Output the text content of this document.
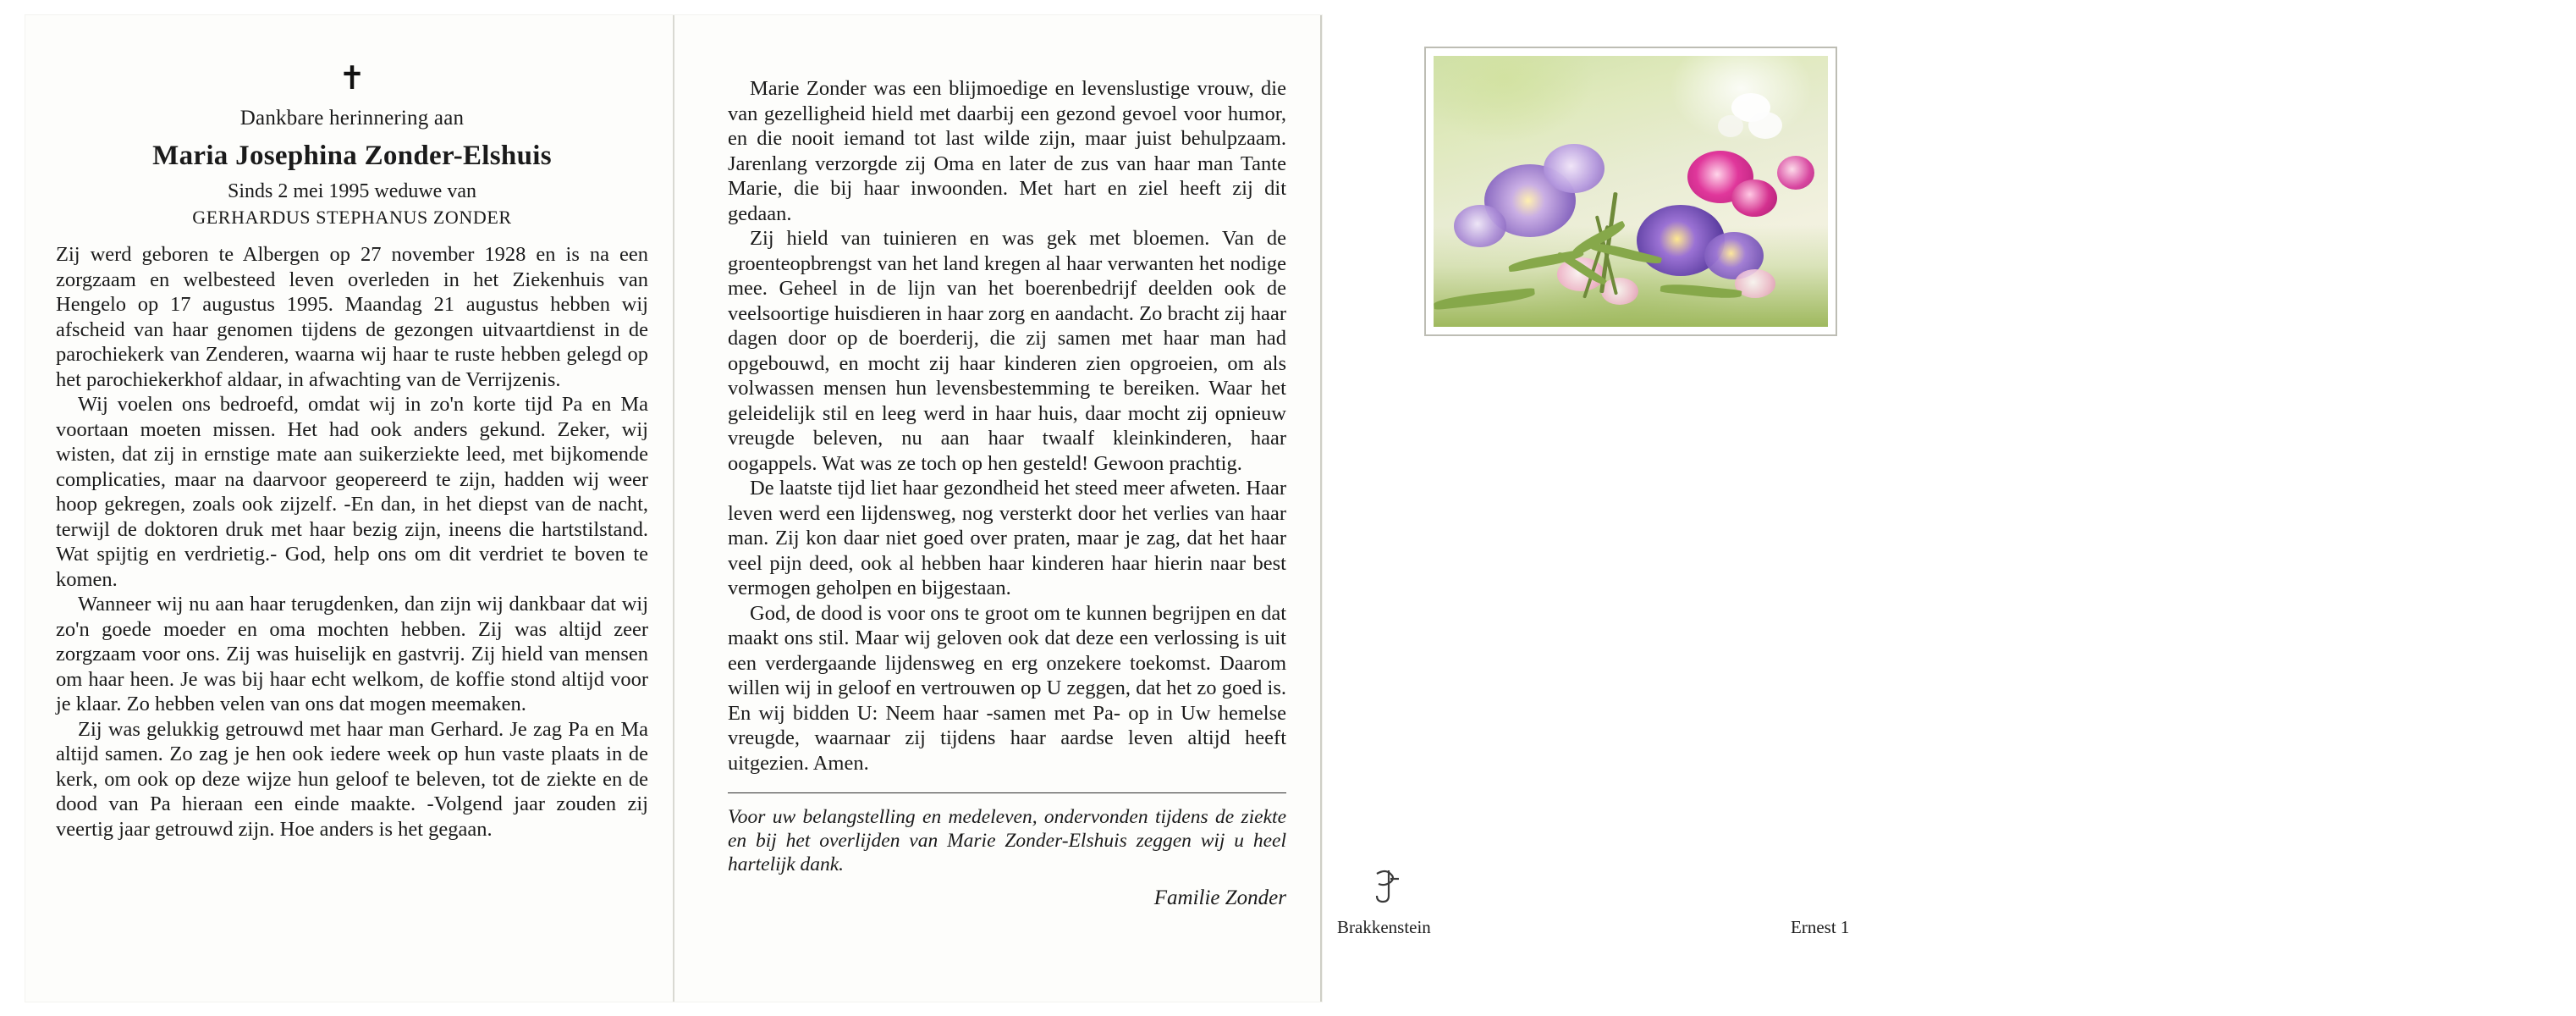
✝
Dankbare herinnering aan
Maria Josephina Zonder-Elshuis
Sinds 2 mei 1995 weduwe van
GERHARDUS STEPHANUS ZONDER

Zij werd geboren te Albergen op 27 november 1928 en is na een zorgzaam en welbesteed leven overleden in het Ziekenhuis van Hengelo op 17 augustus 1995. Maandag 21 augustus hebben wij afscheid van haar genomen tijdens de gezongen uitvaartdienst in de parochiekerk van Zenderen, waarna wij haar te ruste hebben gelegd op het parochiekerkhof aldaar, in afwachting van de Verrijzenis.

Wij voelen ons bedroefd, omdat wij in zo'n korte tijd Pa en Ma voortaan moeten missen. Het had ook anders gekund. Zeker, wij wisten, dat zij in ernstige mate aan suikerziekte leed, met bijkomende complicaties, maar na daarvoor geopereerd te zijn, hadden wij weer hoop gekregen, zoals ook zijzelf. -En dan, in het diepst van de nacht, terwijl de doktoren druk met haar bezig zijn, ineens die hartstilstand. Wat spijtig en verdrietig.- God, help ons om dit verdriet te boven te komen.

Wanneer wij nu aan haar terugdenken, dan zijn wij dankbaar dat wij zo'n goede moeder en oma mochten hebben. Zij was altijd zeer zorgzaam voor ons. Zij was huiselijk en gastvrij. Zij hield van mensen om haar heen. Je was bij haar echt welkom, de koffie stond altijd voor je klaar. Zo hebben velen van ons dat mogen meemaken.

Zij was gelukkig getrouwd met haar man Gerhard. Je zag Pa en Ma altijd samen. Zo zag je hen ook iedere week op hun vaste plaats in de kerk, om ook op deze wijze hun geloof te beleven, tot de ziekte en de dood van Pa hieraan een einde maakte. -Volgend jaar zouden zij veertig jaar getrouwd zijn. Hoe anders is het gegaan.

Marie Zonder was een blijmoedige en levenslustige vrouw, die van gezelligheid hield met daarbij een gezond gevoel voor humor, en die nooit iemand tot last wilde zijn, maar juist behulpzaam. Jarenlang verzorgde zij Oma en later de zus van haar man Tante Marie, die bij haar inwoonden. Met hart en ziel heeft zij dit gedaan.

Zij hield van tuinieren en was gek met bloemen. Van de groenteopbrengst van het land kregen al haar verwanten het nodige mee. Geheel in de lijn van het boerenbedrijf deelden ook de veelsoortige huisdieren in haar zorg en aandacht. Zo bracht zij haar dagen door op de boerderij, die zij samen met haar man had opgebouwd, en mocht zij haar kinderen zien opgroeien, om als volwassen mensen hun levensbestemming te bereiken. Waar het geleidelijk stil en leeg werd in haar huis, daar mocht zij opnieuw vreugde beleven, nu aan haar twaalf kleinkinderen, haar oogappels. Wat was ze toch op hen gesteld! Gewoon prachtig.

De laatste tijd liet haar gezondheid het steed meer afweten. Haar leven werd een lijdensweg, nog versterkt door het verlies van haar man. Zij kon daar niet goed over praten, maar je zag, dat het haar veel pijn deed, ook al hebben haar kinderen haar hierin naar best vermogen geholpen en bijgestaan.

God, de dood is voor ons te groot om te kunnen begrijpen en dat maakt ons stil. Maar wij geloven ook dat deze een verlossing is uit een verdergaande lijdensweg en erg onzekere toekomst. Daarom willen wij in geloof en vertrouwen op U zeggen, dat het zo goed is. En wij bidden U: Neem haar -samen met Pa- op in Uw hemelse vreugde, waarnaar zij tijdens haar aardse leven altijd heeft uitgezien. Amen.

Voor uw belangstelling en medeleven, ondervonden tijdens de ziekte en bij het overlijden van Marie Zonder-Elshuis zeggen wij u heel hartelijk dank.
Familie Zonder
Brakkenstein	Ernest 1
